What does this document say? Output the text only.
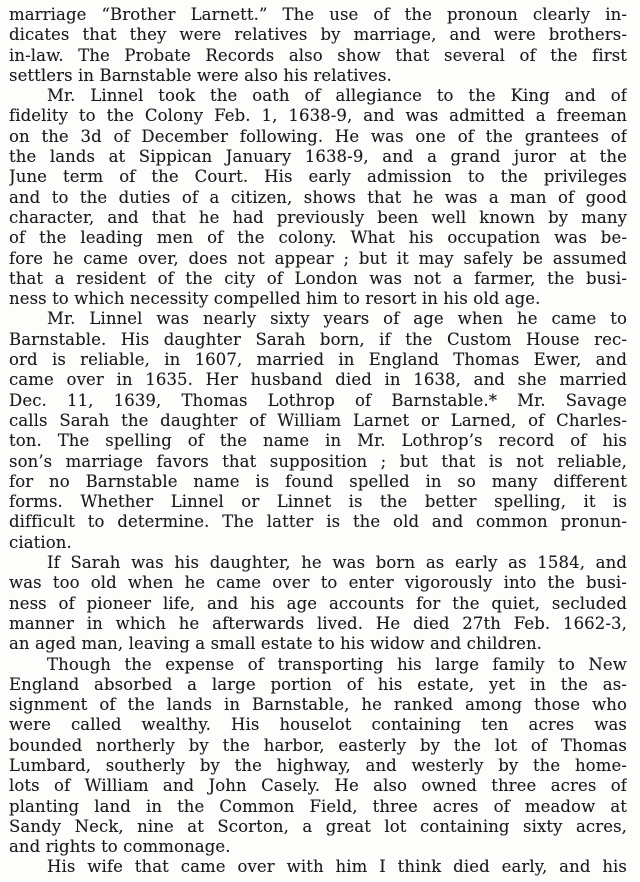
marriage “Brother Larnett.” The use of the pronoun clearly in-
dicates that they were relatives by marriage, and were brothers-
in-law. The Probate Records also show that several of the first
settlers in Barnstable were also his relatives.
Mr. Linnel took the oath of allegiance to the King and of
fidelity to the Colony Feb. 1, 1638-9, and was admitted a freeman
on the 3d of December following. He was one of the grantees of
the lands at Sippican January 1638-9, and a grand juror at the
June term of the Court. His early admission to the privileges
and to the duties of a citizen, shows that he was a man of good
character, and that he had previously been well known by many
of the leading men of the colony. What his occupation was be-
fore he came over, does not appear ; but it may safely be assumed
that a resident of the city of London was not a farmer, the busi-
ness to which necessity compelled him to resort in his old age.
Mr. Linnel was nearly sixty years of age when he came to
Barnstable. His daughter Sarah born, if the Custom House rec-
ord is reliable, in 1607, married in England Thomas Ewer, and
came over in 1635. Her husband died in 1638, and she married
Dec. 11, 1639, Thomas Lothrop of Barnstable.* Mr. Savage
calls Sarah the daughter of William Larnet or Larned, of Charles-
ton. The spelling of the name in Mr. Lothrop’s record of his
son’s marriage favors that supposition ; but that is not reliable,
for no Barnstable name is found spelled in so many different
forms. Whether Linnel or Linnet is the better spelling, it is
difficult to determine. The latter is the old and common pronun-
ciation.
If Sarah was his daughter, he was born as early as 1584, and
was too old when he came over to enter vigorously into the busi-
ness of pioneer life, and his age accounts for the quiet, secluded
manner in which he afterwards lived. He died 27th Feb. 1662-3,
an aged man, leaving a small estate to his widow and children.
Though the expense of transporting his large family to New
England absorbed a large portion of his estate, yet in the as-
signment of the lands in Barnstable, he ranked among those who
were called wealthy. His houselot containing ten acres was
bounded northerly by the harbor, easterly by the lot of Thomas
Lumbard, southerly by the highway, and westerly by the home-
lots of William and John Casely. He also owned three acres of
planting land in the Common Field, three acres of meadow at
Sandy Neck, nine at Scorton, a great lot containing sixty acres,
and rights to commonage.
His wife that came over with him I think died early, and his
